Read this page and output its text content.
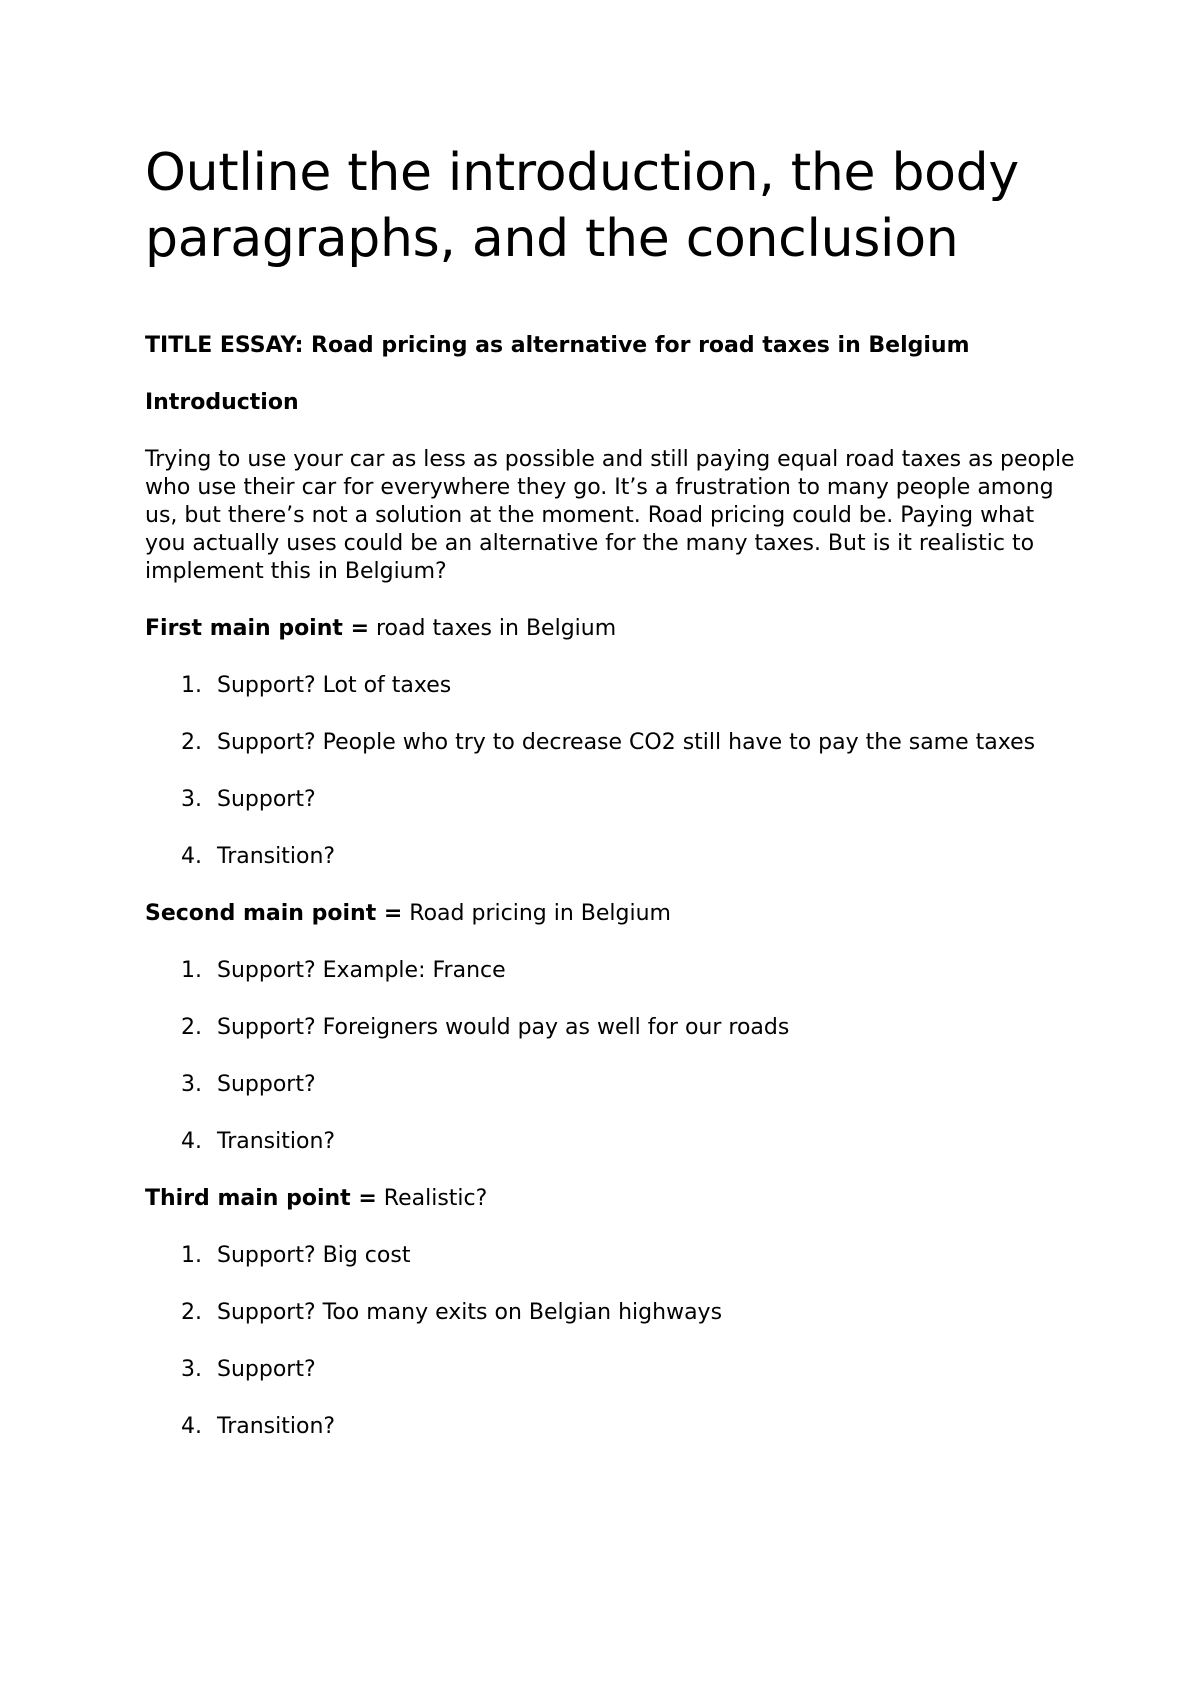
Outline the introduction, the body paragraphs, and the conclusion

TITLE ESSAY: Road pricing as alternative for road taxes in Belgium

Introduction

Trying to use your car as less as possible and still paying equal road taxes as people who use their car for everywhere they go. It’s a frustration to many people among us, but there’s not a solution at the moment. Road pricing could be. Paying what you actually uses could be an alternative for the many taxes. But is it realistic to implement this in Belgium?

First main point = road taxes in Belgium

1. Support? Lot of taxes
2. Support? People who try to decrease CO2 still have to pay the same taxes
3. Support?
4. Transition?

Second main point = Road pricing in Belgium

1. Support? Example: France
2. Support? Foreigners would pay as well for our roads
3. Support?
4. Transition?

Third main point = Realistic?

1. Support? Big cost
2. Support? Too many exits on Belgian highways
3. Support?
4. Transition?
